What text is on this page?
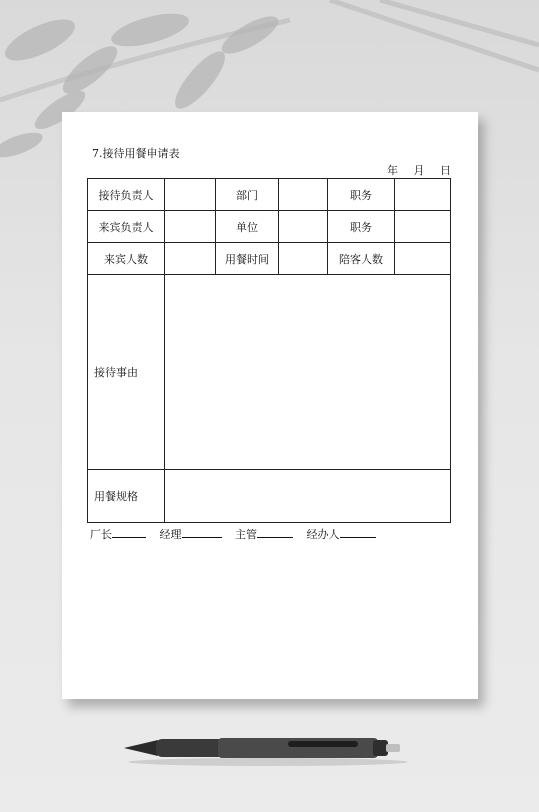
7.接待用餐申请表
年 月 日
接待负责人		部门		职务	
来宾负责人		单位		职务	
来宾人数		用餐时间		陪客人数	
接待事由					
用餐规格					
厂长	经理	主管	经办人
